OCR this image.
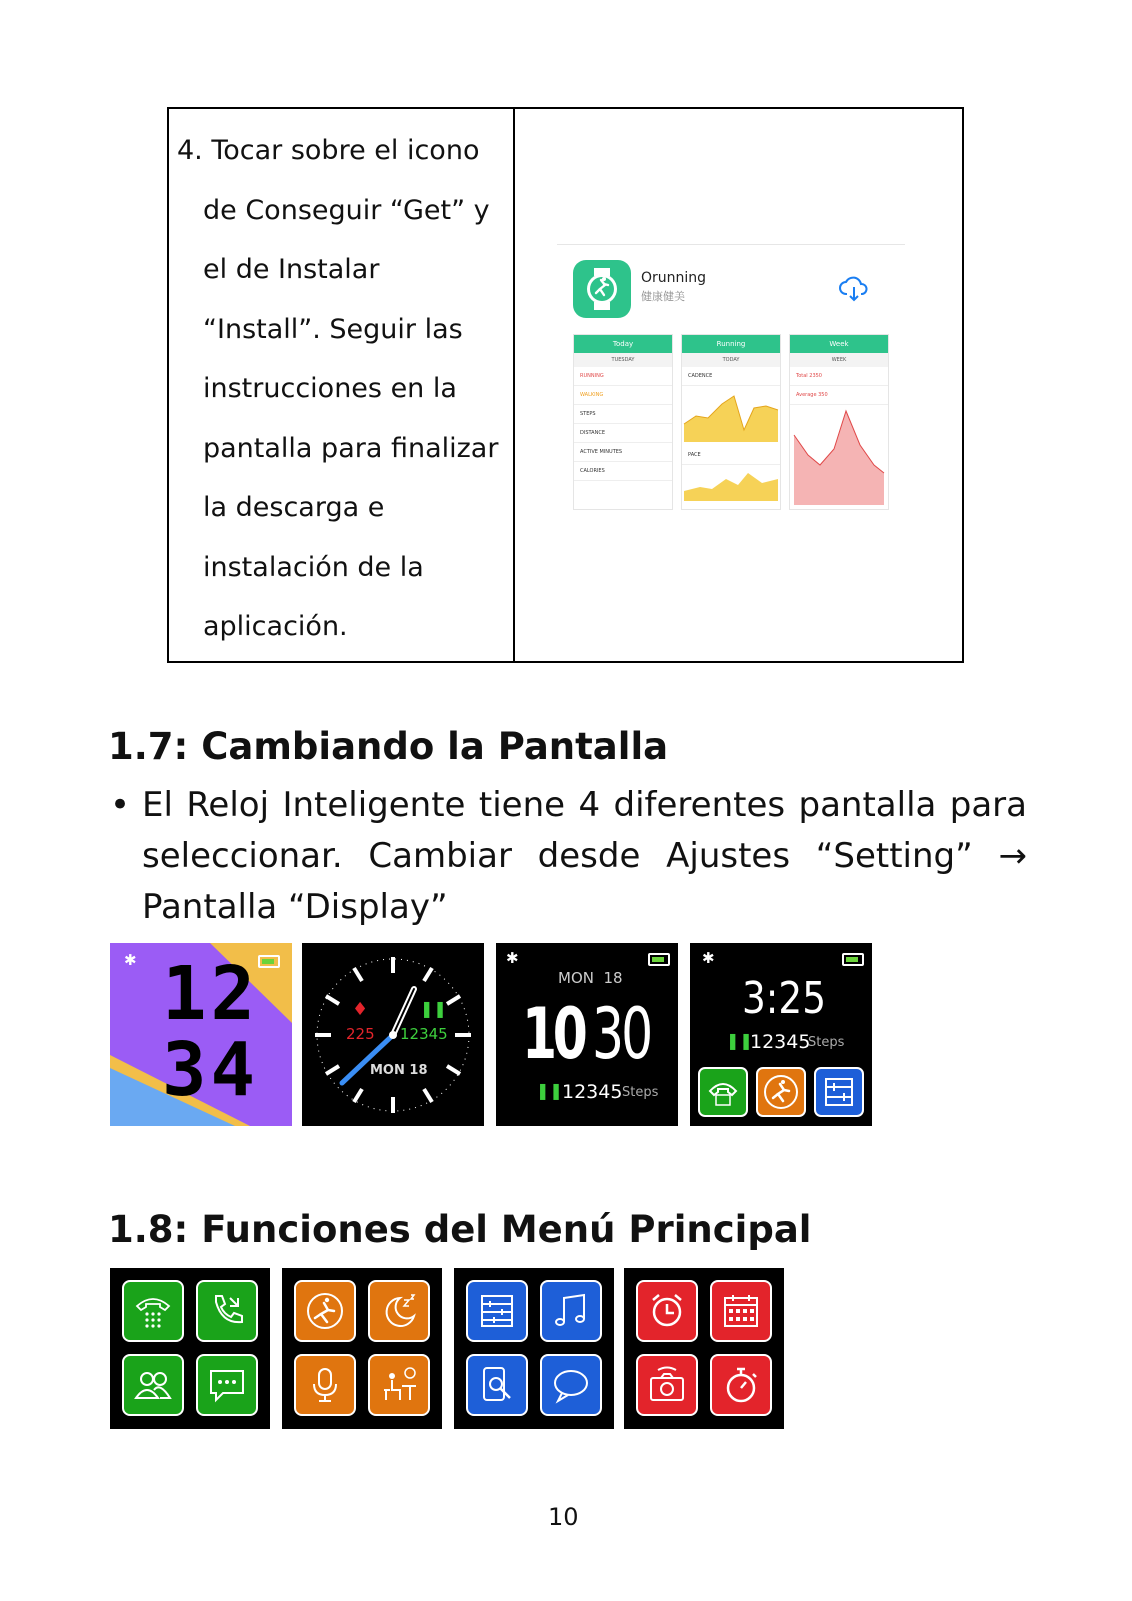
4. Tocar sobre el icono
de Conseguir “Get” y
el de Instalar
“Install”. Seguir las
instrucciones en la
pantalla para finalizar
la descarga e
instalación de la
aplicación.
Orunning
健康健美
Today
TUESDAY
RUNNING
WALKING
STEPS
DISTANCE
ACTIVE MINUTES
CALORIES
Running
TODAY
CADENCE
PACE
Week
WEEK
Total 2350
Average 350
1.7: Cambiando la Pantalla
• El Reloj Inteligente tiene 4 diferentes pantalla para
seleccionar. Cambiar desde Ajustes “Setting” →
Pantalla “Display”
✱ 12
34
♦
225
❚❚
12345
MON 18
✱
MON  18
10 30
❚❚ 12345 Steps
✱
3:25
❚❚
12345
Steps
1.8: Funciones del Menú Principal
10
